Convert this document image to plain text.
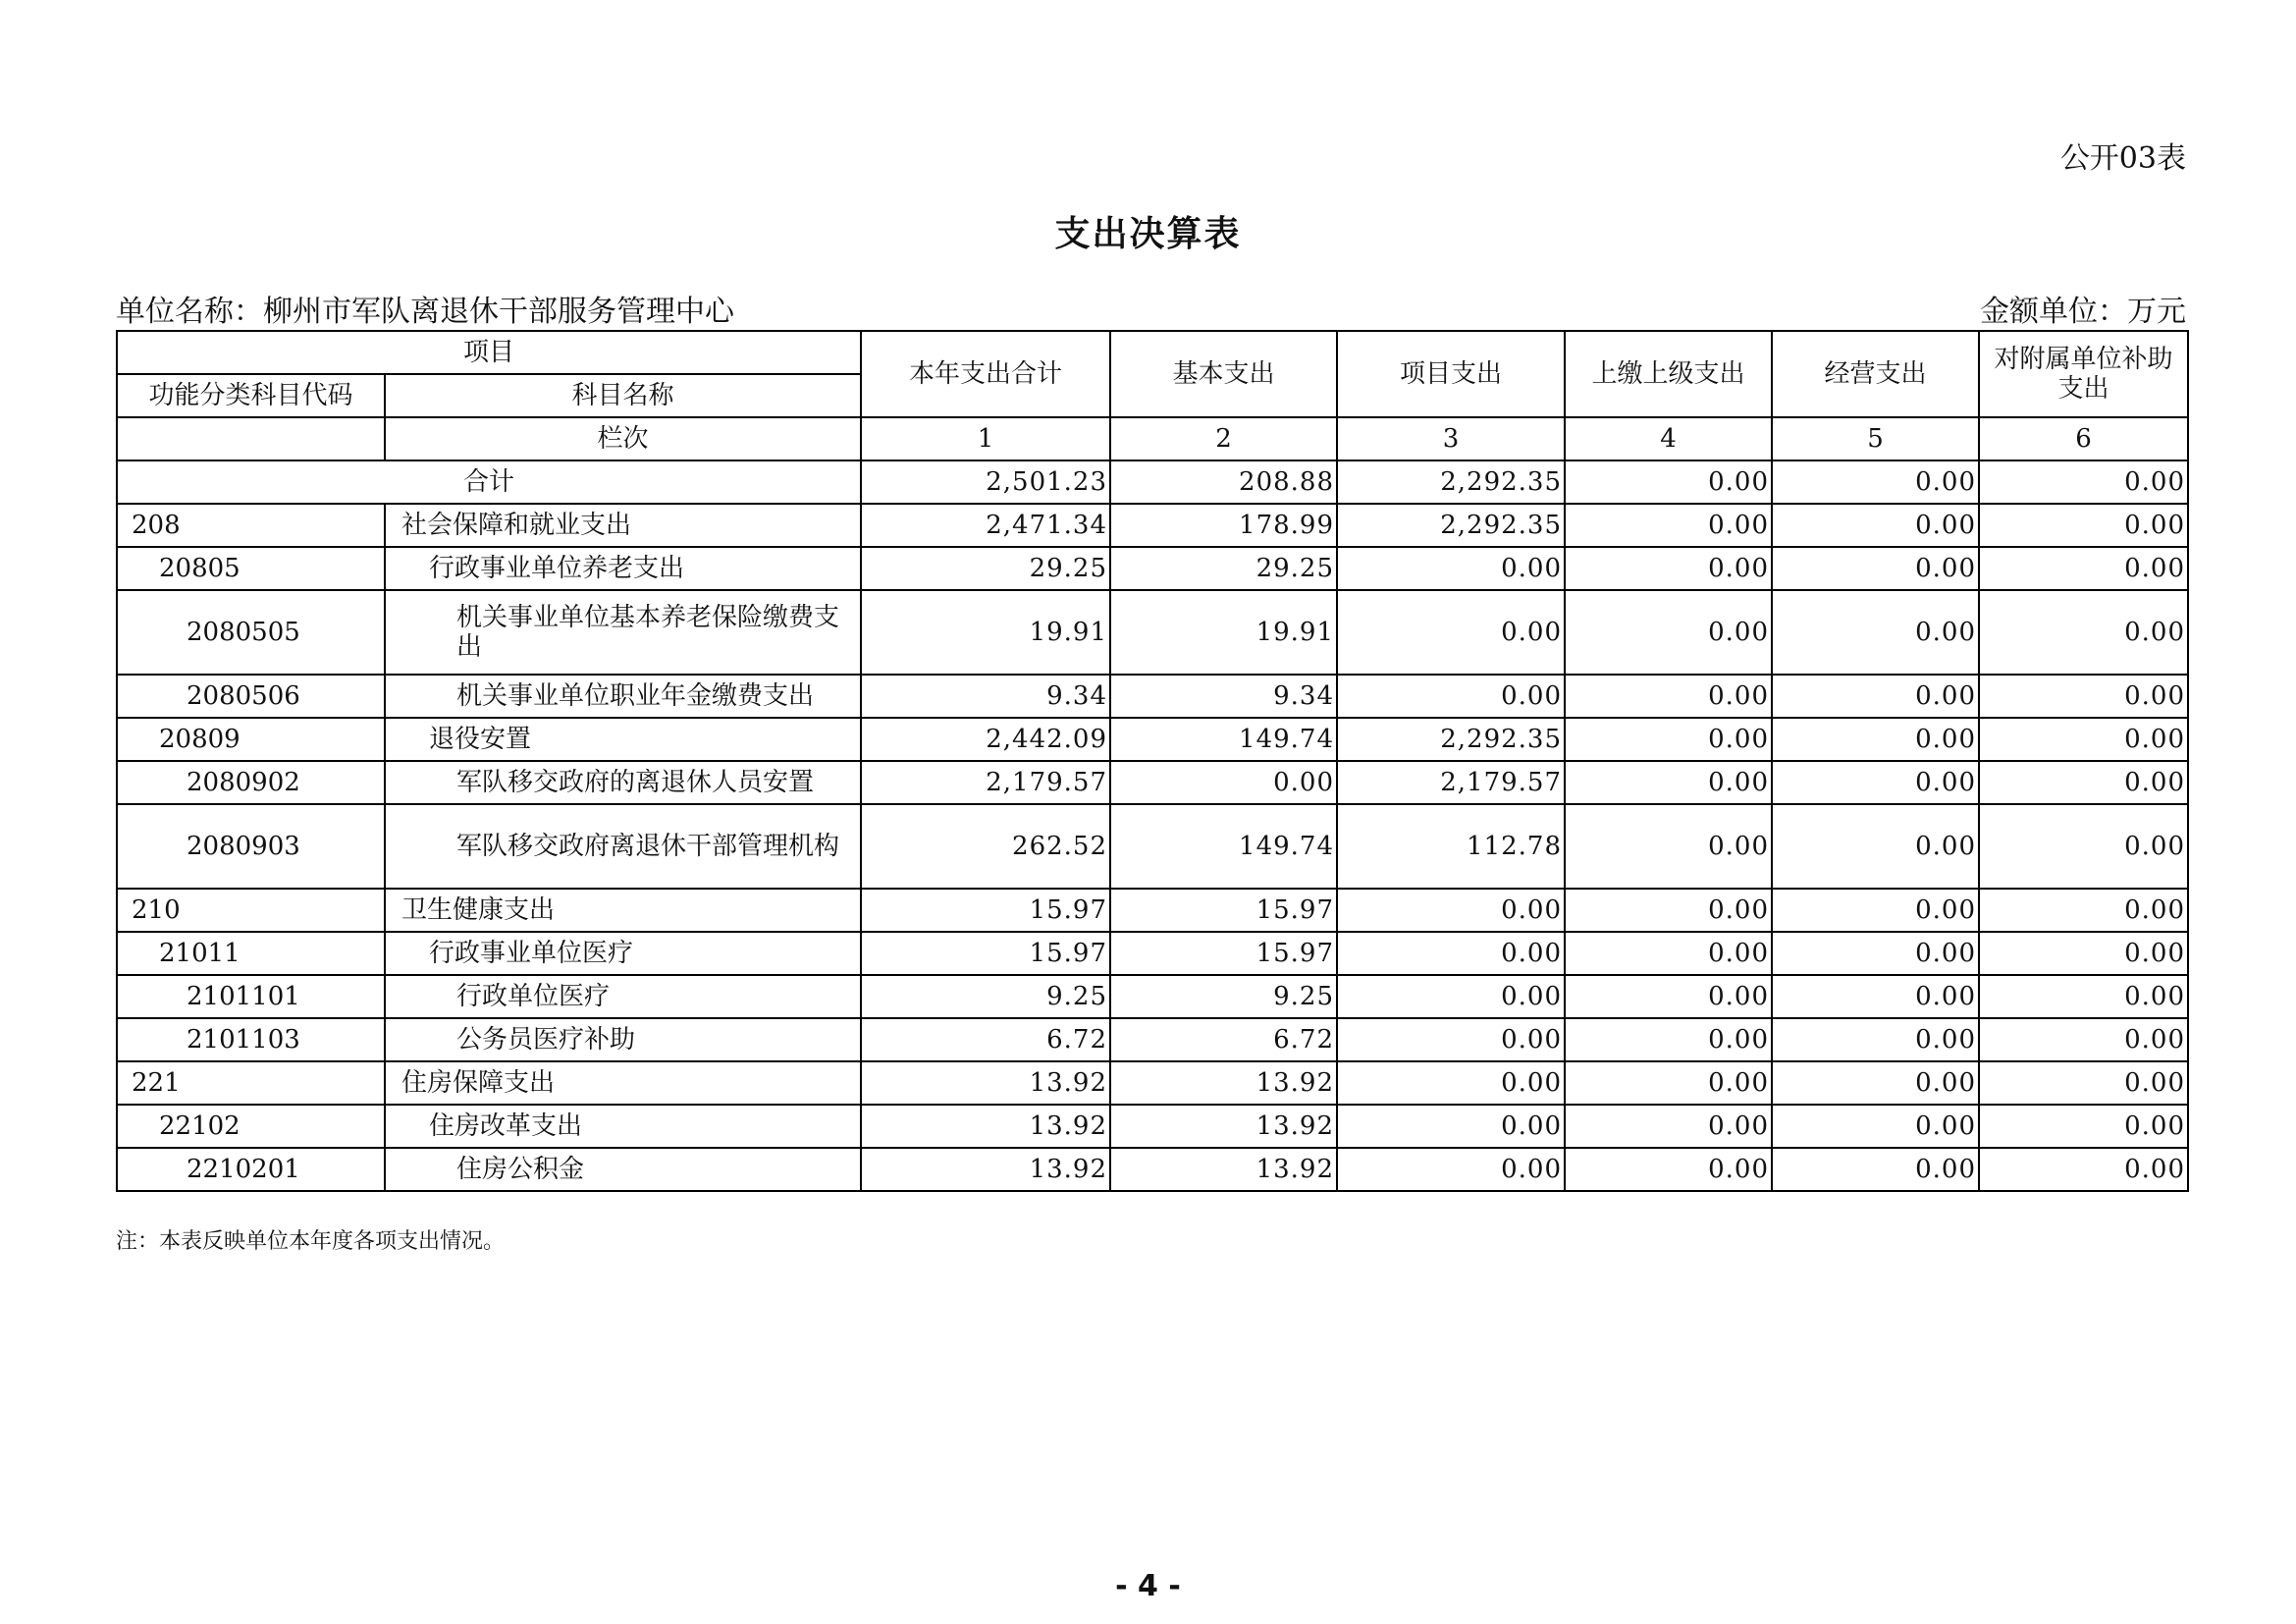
公开03表
支出决算表
单位名称：柳州市军队离退休干部服务管理中心	金额单位：万元
项目		本年支出合计	基本支出	项目支出	上缴上级支出	经营支出	对附属单位补助支出
功能分类科目代码	科目名称						
	栏次	1	2	3	4	5	6
合计		2,501.23	208.88	2,292.35	0.00	0.00	0.00
208	社会保障和就业支出	2,471.34	178.99	2,292.35	0.00	0.00	0.00
20805	行政事业单位养老支出	29.25	29.25	0.00	0.00	0.00	0.00
2080505	机关事业单位基本养老保险缴费支出	19.91	19.91	0.00	0.00	0.00	0.00
2080506	机关事业单位职业年金缴费支出	9.34	9.34	0.00	0.00	0.00	0.00
20809	退役安置	2,442.09	149.74	2,292.35	0.00	0.00	0.00
2080902	军队移交政府的离退休人员安置	2,179.57	0.00	2,179.57	0.00	0.00	0.00
2080903	军队移交政府离退休干部管理机构	262.52	149.74	112.78	0.00	0.00	0.00
210	卫生健康支出	15.97	15.97	0.00	0.00	0.00	0.00
21011	行政事业单位医疗	15.97	15.97	0.00	0.00	0.00	0.00
2101101	行政单位医疗	9.25	9.25	0.00	0.00	0.00	0.00
2101103	公务员医疗补助	6.72	6.72	0.00	0.00	0.00	0.00
221	住房保障支出	13.92	13.92	0.00	0.00	0.00	0.00
22102	住房改革支出	13.92	13.92	0.00	0.00	0.00	0.00
2210201	住房公积金	13.92	13.92	0.00	0.00	0.00	0.00
注：本表反映单位本年度各项支出情况。
- 4 -
